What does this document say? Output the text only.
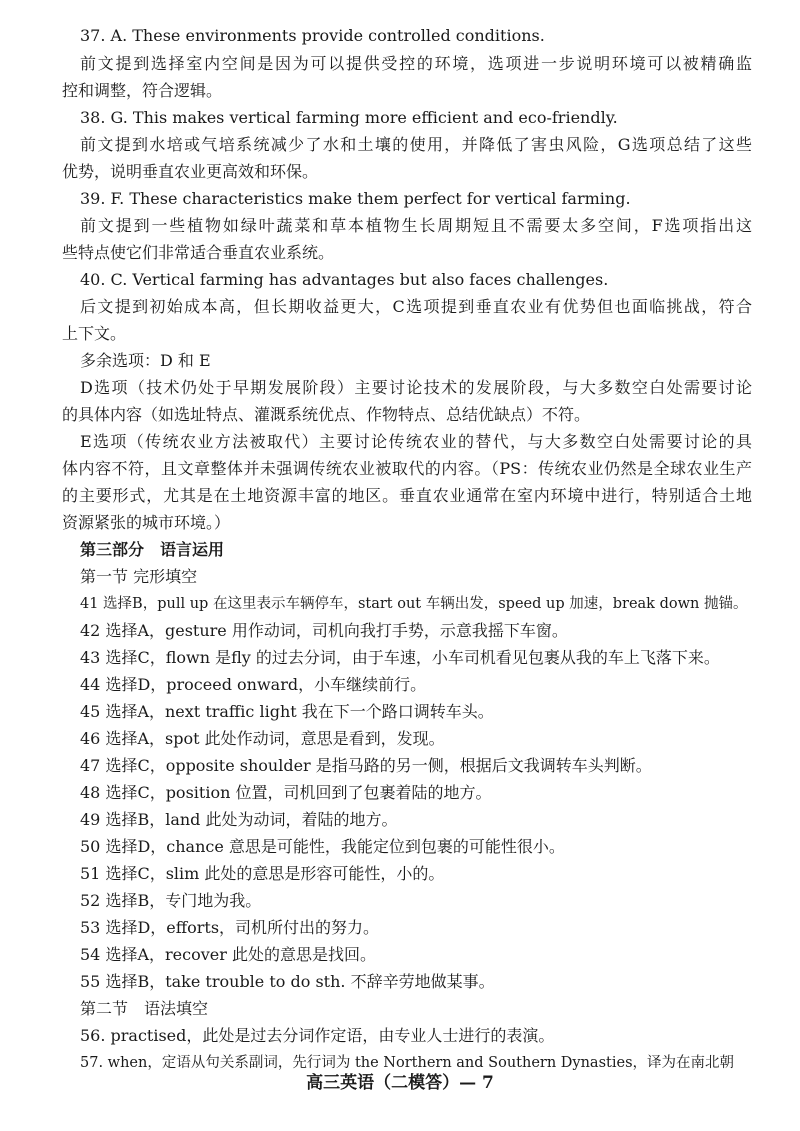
37. A. These environments provide controlled conditions.
前文提到选择室内空间是因为可以提供受控的环境，选项进一步说明环境可以被精确监
控和调整，符合逻辑。
38. G. This makes vertical farming more efficient and eco-friendly.
前文提到水培或气培系统减少了水和土壤的使用，并降低了害虫风险，G选项总结了这些
优势，说明垂直农业更高效和环保。
39. F. These characteristics make them perfect for vertical farming.
前文提到一些植物如绿叶蔬菜和草本植物生长周期短且不需要太多空间，F选项指出这
些特点使它们非常适合垂直农业系统。
40. C. Vertical farming has advantages but also faces challenges.
后文提到初始成本高，但长期收益更大，C选项提到垂直农业有优势但也面临挑战，符合
上下文。
多余选项：D 和 E
D选项（技术仍处于早期发展阶段）主要讨论技术的发展阶段，与大多数空白处需要讨论
的具体内容（如选址特点、灌溉系统优点、作物特点、总结优缺点）不符。
E选项（传统农业方法被取代）主要讨论传统农业的替代，与大多数空白处需要讨论的具
体内容不符，且文章整体并未强调传统农业被取代的内容。（PS：传统农业仍然是全球农业生产
的主要形式，尤其是在土地资源丰富的地区。垂直农业通常在室内环境中进行，特别适合土地
资源紧张的城市环境。）
第三部分　语言运用
第一节 完形填空
41 选择B，pull up 在这里表示车辆停车，start out 车辆出发，speed up 加速，break down 抛锚。
42 选择A，gesture 用作动词，司机向我打手势，示意我摇下车窗。
43 选择C，flown 是fly 的过去分词，由于车速，小车司机看见包裹从我的车上飞落下来。
44 选择D，proceed onward，小车继续前行。
45 选择A，next traffic light 我在下一个路口调转车头。
46 选择A，spot 此处作动词，意思是看到，发现。
47 选择C，opposite shoulder 是指马路的另一侧，根据后文我调转车头判断。
48 选择C，position 位置，司机回到了包裹着陆的地方。
49 选择B，land 此处为动词，着陆的地方。
50 选择D，chance 意思是可能性，我能定位到包裹的可能性很小。
51 选择C，slim 此处的意思是形容可能性，小的。
52 选择B，专门地为我。
53 选择D，efforts，司机所付出的努力。
54 选择A，recover 此处的意思是找回。
55 选择B，take trouble to do sth. 不辞辛劳地做某事。
第二节　语法填空
56. practised，此处是过去分词作定语，由专业人士进行的表演。
57. when，定语从句关系副词，先行词为 the Northern and Southern Dynasties，译为在南北朝
高三英语（二模答）— 7
